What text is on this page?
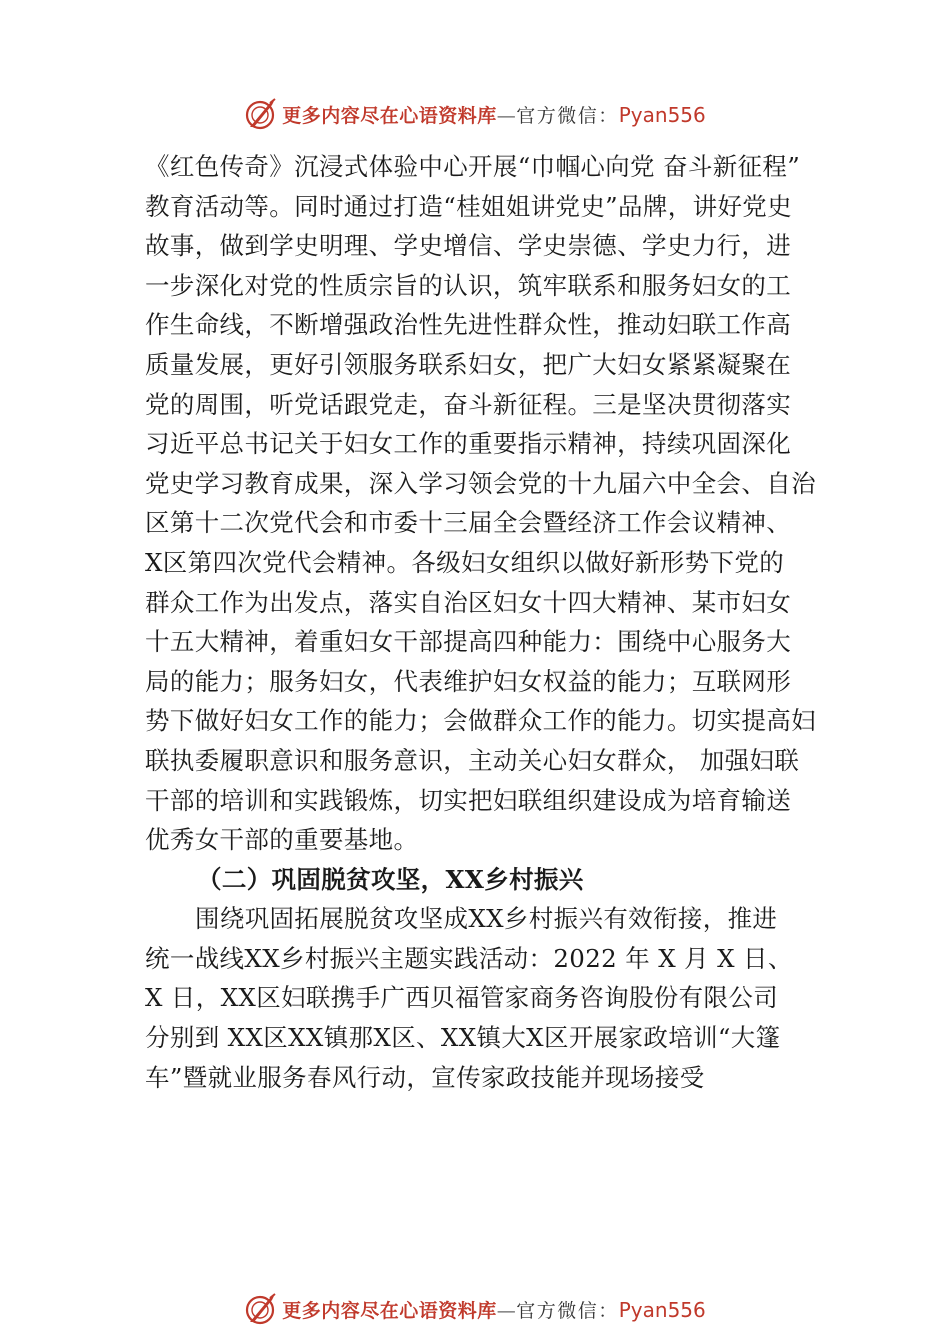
更多内容尽在心语资料库—官方微信：Pyan556
《红色传奇》沉浸式体验中心开展“巾帼心向党 奋斗新征程”
教育活动等。同时通过打造“桂姐姐讲党史”品牌，讲好党史
故事，做到学史明理、学史增信、学史崇德、学史力行，进
一步深化对党的性质宗旨的认识，筑牢联系和服务妇女的工
作生命线，不断增强政治性先进性群众性，推动妇联工作高
质量发展，更好引领服务联系妇女，把广大妇女紧紧凝聚在
党的周围，听党话跟党走，奋斗新征程。三是坚决贯彻落实
习近平总书记关于妇女工作的重要指示精神，持续巩固深化
党史学习教育成果，深入学习领会党的十九届六中全会、自治
区第十二次党代会和市委十三届全会暨经济工作会议精神、
X区第四次党代会精神。各级妇女组织以做好新形势下党的
群众工作为出发点，落实自治区妇女十四大精神、某市妇女
十五大精神，着重妇女干部提高四种能力：围绕中心服务大
局的能力；服务妇女，代表维护妇女权益的能力；互联网形
势下做好妇女工作的能力；会做群众工作的能力。切实提高妇
联执委履职意识和服务意识，主动关心妇女群众， 加强妇联
干部的培训和实践锻炼，切实把妇联组织建设成为培育输送
优秀女干部的重要基地。
（二）巩固脱贫攻坚，XX乡村振兴
围绕巩固拓展脱贫攻坚成XX乡村振兴有效衔接，推进
统一战线XX乡村振兴主题实践活动：2022 年 X 月 X 日、
X 日，XX区妇联携手广西贝福管家商务咨询股份有限公司
分别到 XX区XX镇那X区、XX镇大X区开展家政培训“大篷
车”暨就业服务春风行动，宣传家政技能并现场接受
更多内容尽在心语资料库—官方微信：Pyan556
